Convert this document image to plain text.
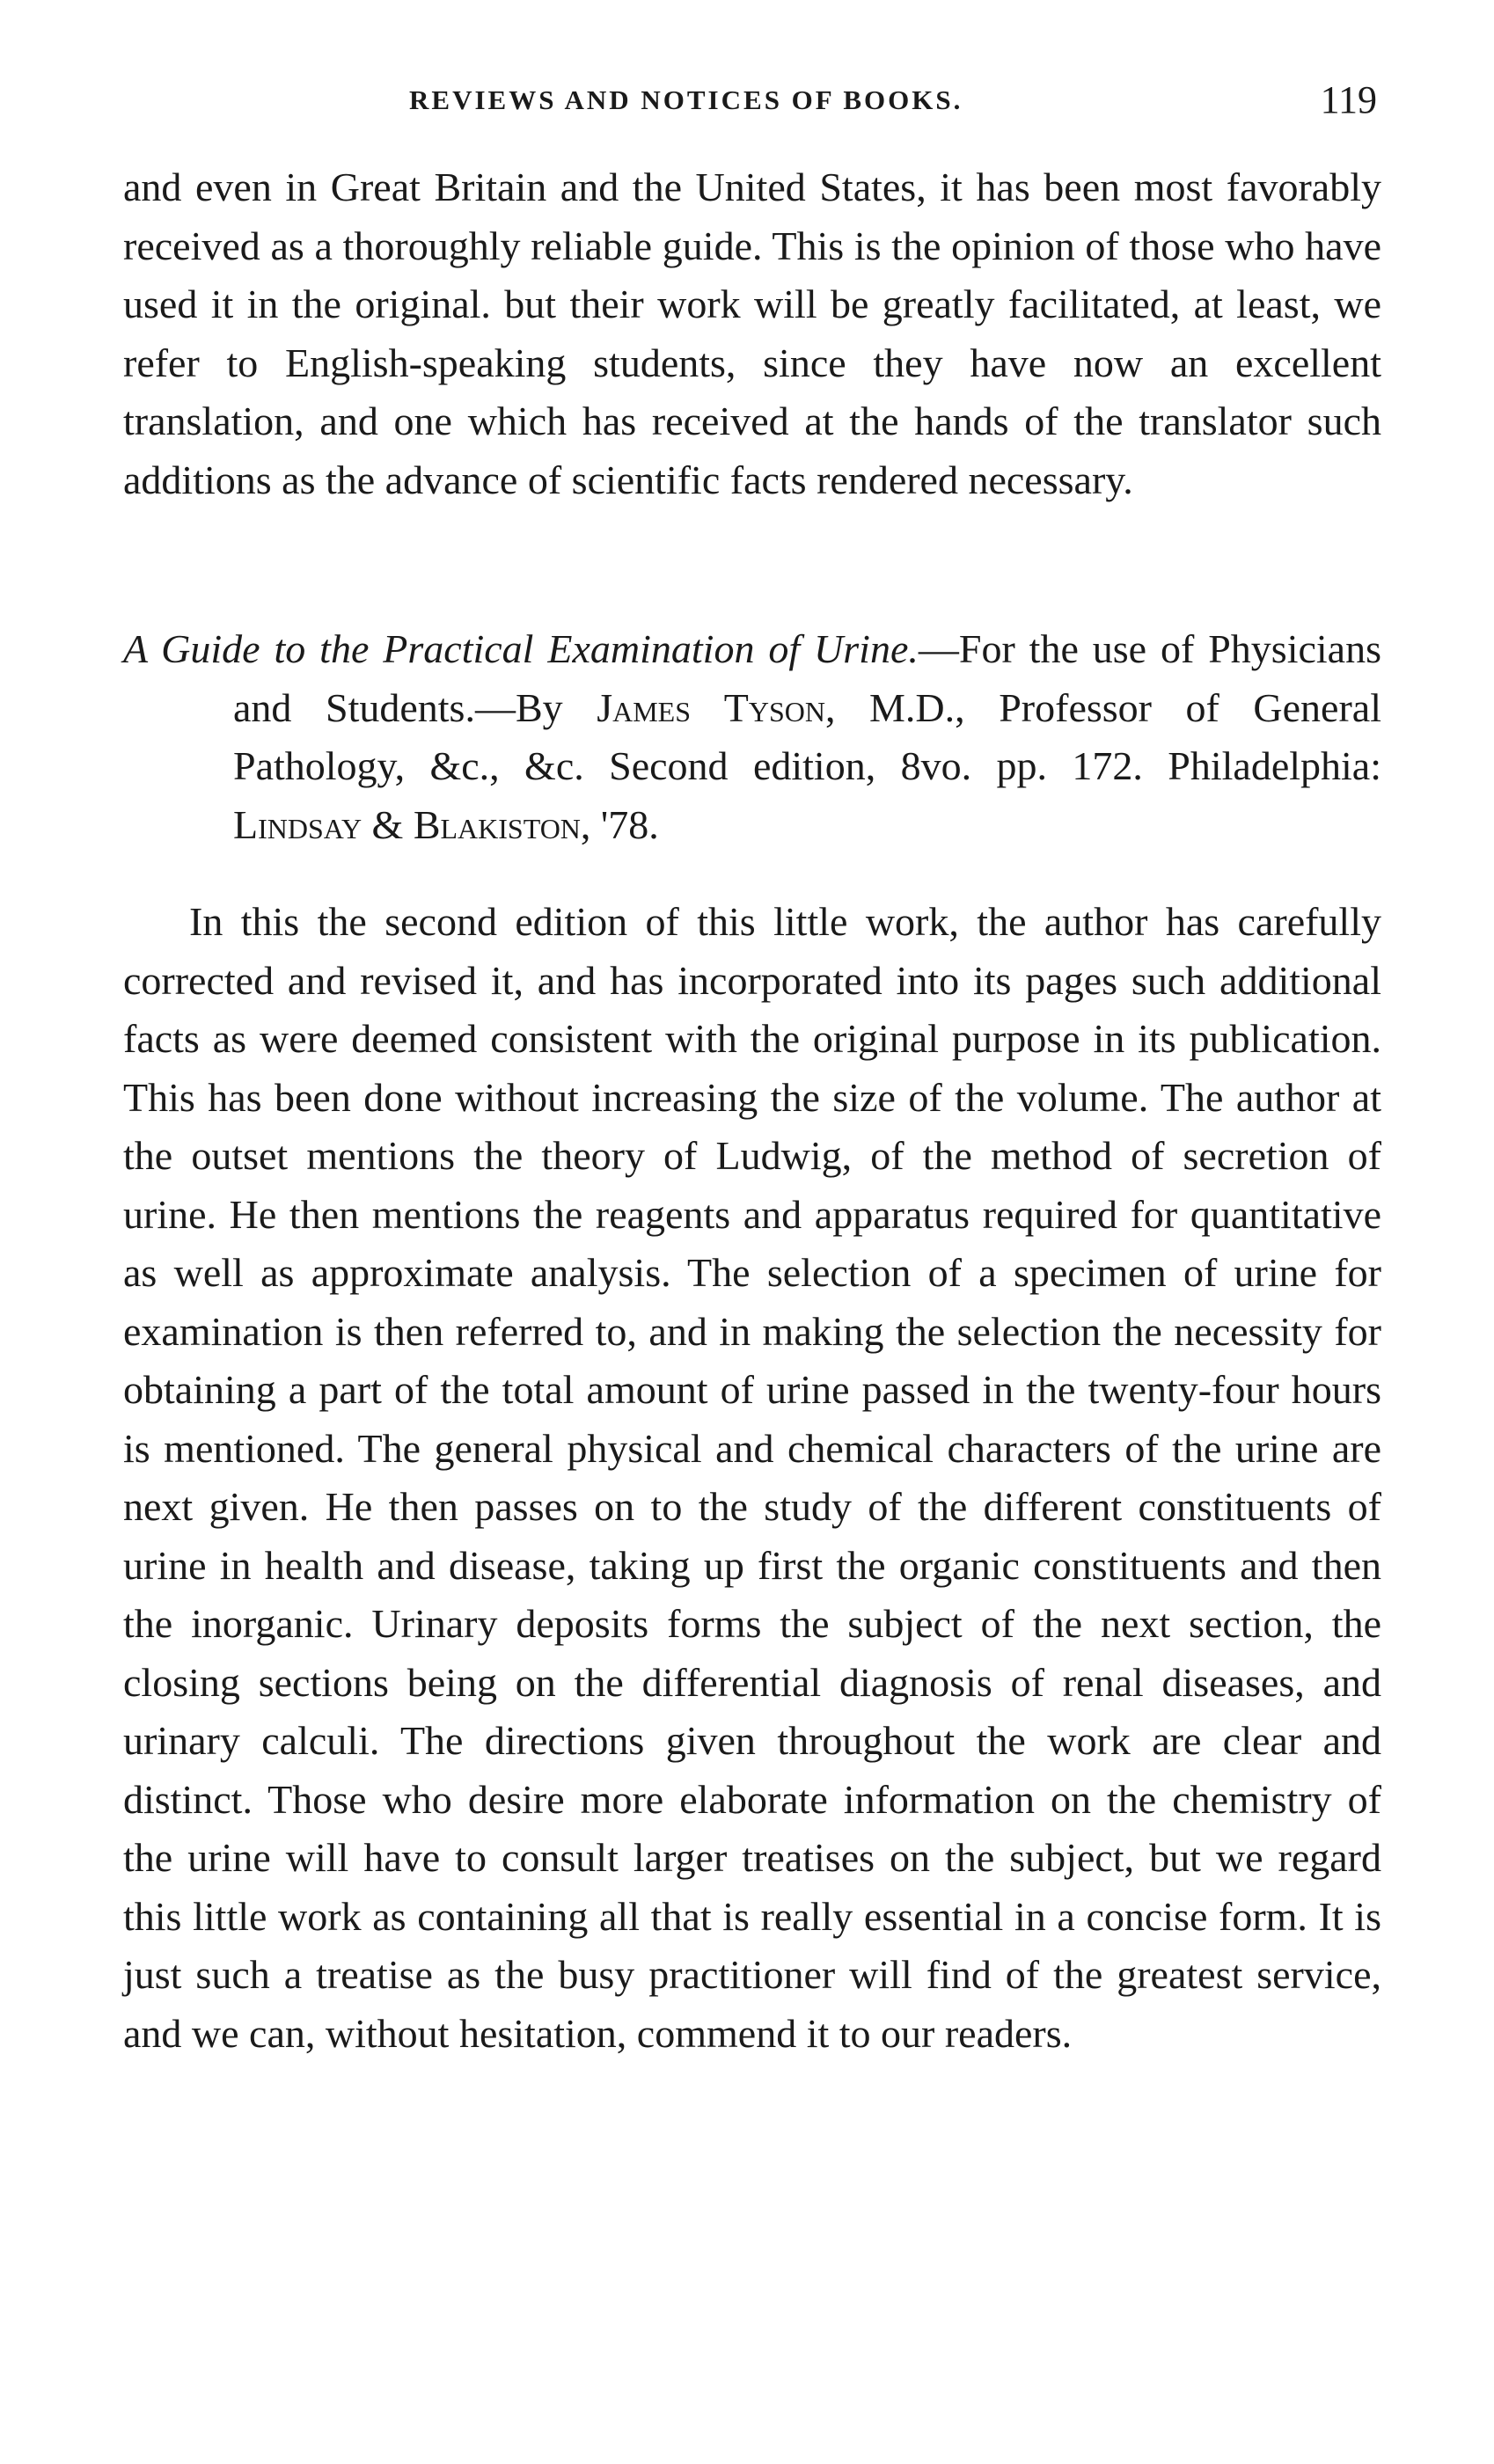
REVIEWS AND NOTICES OF BOOKS.	119

and even in Great Britain and the United States, it has been most favorably received as a thoroughly reliable guide. This is the opinion of those who have used it in the original. but their work will be greatly facilitated, at least, we refer to English-speaking students, since they have now an excellent translation, and one which has received at the hands of the translator such additions as the advance of scientific facts rendered necessary.

A Guide to the Practical Examination of Urine.—For the use of Physicians and Students.—By James Tyson, M.D., Professor of General Pathology, &c., &c. Second edition, 8vo. pp. 172. Philadelphia: Lindsay & Blakiston, '78.

In this the second edition of this little work, the author has carefully corrected and revised it, and has incorporated into its pages such additional facts as were deemed consistent with the original purpose in its publication. This has been done without increasing the size of the volume. The author at the outset mentions the theory of Ludwig, of the method of secretion of urine. He then mentions the reagents and apparatus required for quantitative as well as approximate analysis. The selection of a specimen of urine for examination is then referred to, and in making the selection the necessity for obtaining a part of the total amount of urine passed in the twenty-four hours is mentioned. The general physical and chemical characters of the urine are next given. He then passes on to the study of the different constituents of urine in health and disease, taking up first the organic constituents and then the inorganic. Urinary deposits forms the subject of the next section, the closing sections being on the differential diagnosis of renal diseases, and urinary calculi. The directions given throughout the work are clear and distinct. Those who desire more elaborate information on the chemistry of the urine will have to consult larger treatises on the subject, but we regard this little work as containing all that is really essential in a concise form. It is just such a treatise as the busy practitioner will find of the greatest service, and we can, without hesitation, commend it to our readers.
